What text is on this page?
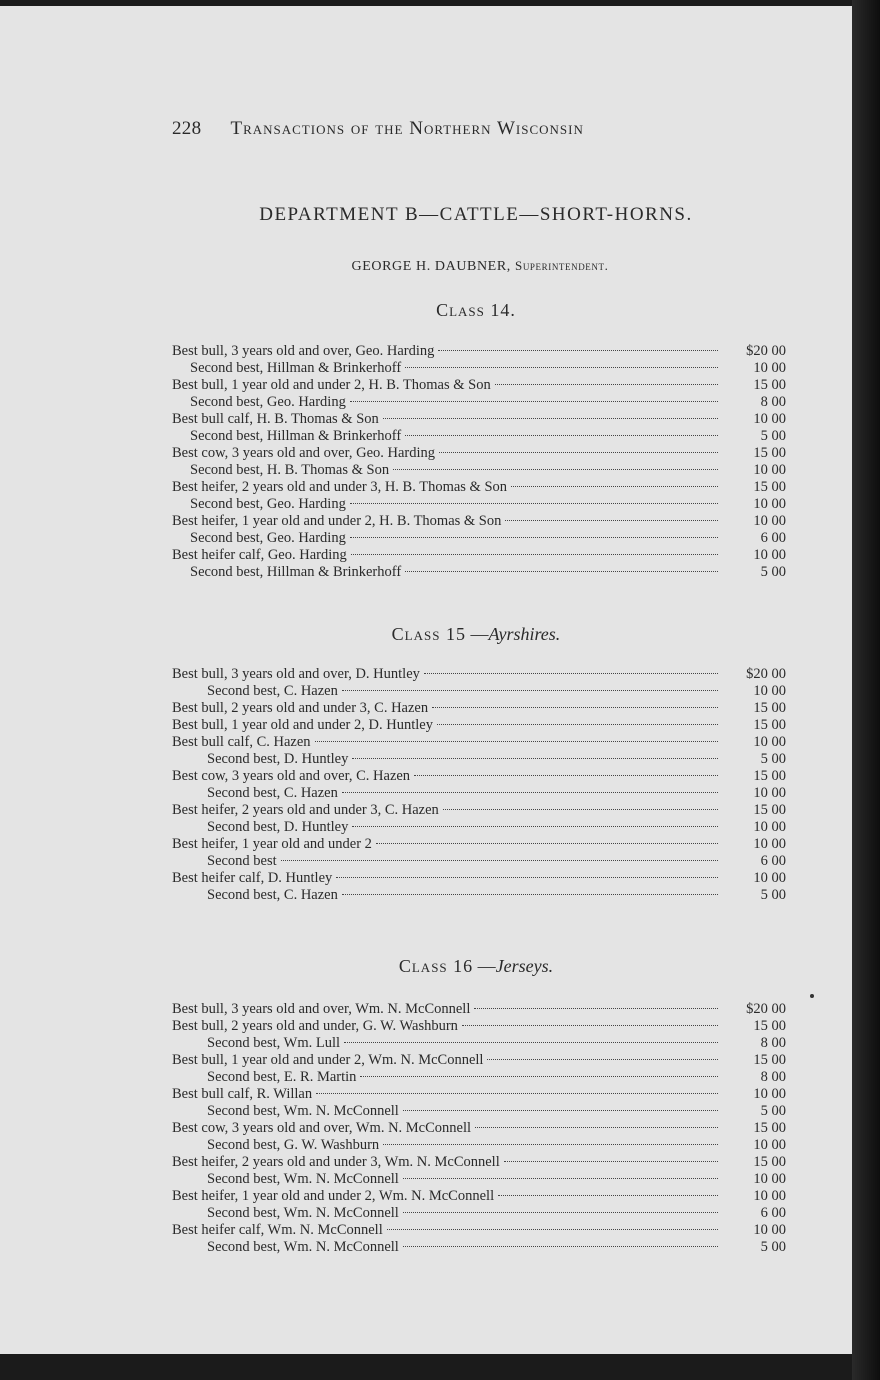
228 Transactions of the Northern Wisconsin
DEPARTMENT B—CATTLE—SHORT-HORNS.
GEORGE H. DAUBNER, Superintendent.
Class 14.
Best bull, 3 years old and over, Geo. Harding	$20 00
Second best, Hillman & Brinkerhoff	10 00
Best bull, 1 year old and under 2, H. B. Thomas & Son	15 00
Second best, Geo. Harding	8 00
Best bull calf, H. B. Thomas & Son	10 00
Second best, Hillman & Brinkerhoff	5 00
Best cow, 3 years old and over, Geo. Harding	15 00
Second best, H. B. Thomas & Son	10 00
Best heifer, 2 years old and under 3, H. B. Thomas & Son	15 00
Second best, Geo. Harding	10 00
Best heifer, 1 year old and under 2, H. B. Thomas & Son	10 00
Second best, Geo. Harding	6 00
Best heifer calf, Geo. Harding	10 00
Second best, Hillman & Brinkerhoff	5 00
Class 15 —Ayrshires.
Best bull, 3 years old and over, D. Huntley	$20 00
Second best, C. Hazen	10 00
Best bull, 2 years old and under 3, C. Hazen	15 00
Best bull, 1 year old and under 2, D. Huntley	15 00
Best bull calf, C. Hazen	10 00
Second best, D. Huntley	5 00
Best cow, 3 years old and over, C. Hazen	15 00
Second best, C. Hazen	10 00
Best heifer, 2 years old and under 3, C. Hazen	15 00
Second best, D. Huntley	10 00
Best heifer, 1 year old and under 2	10 00
Second best	6 00
Best heifer calf, D. Huntley	10 00
Second best, C. Hazen	5 00
Class 16 —Jerseys.
Best bull, 3 years old and over, Wm. N. McConnell	$20 00
Best bull, 2 years old and under, G. W. Washburn	15 00
Second best, Wm. Lull	8 00
Best bull, 1 year old and under 2, Wm. N. McConnell	15 00
Second best, E. R. Martin	8 00
Best bull calf, R. Willan	10 00
Second best, Wm. N. McConnell	5 00
Best cow, 3 years old and over, Wm. N. McConnell	15 00
Second best, G. W. Washburn	10 00
Best heifer, 2 years old and under 3, Wm. N. McConnell	15 00
Second best, Wm. N. McConnell	10 00
Best heifer, 1 year old and under 2, Wm. N. McConnell	10 00
Second best, Wm. N. McConnell	6 00
Best heifer calf, Wm. N. McConnell	10 00
Second best, Wm. N. McConnell	5 00
